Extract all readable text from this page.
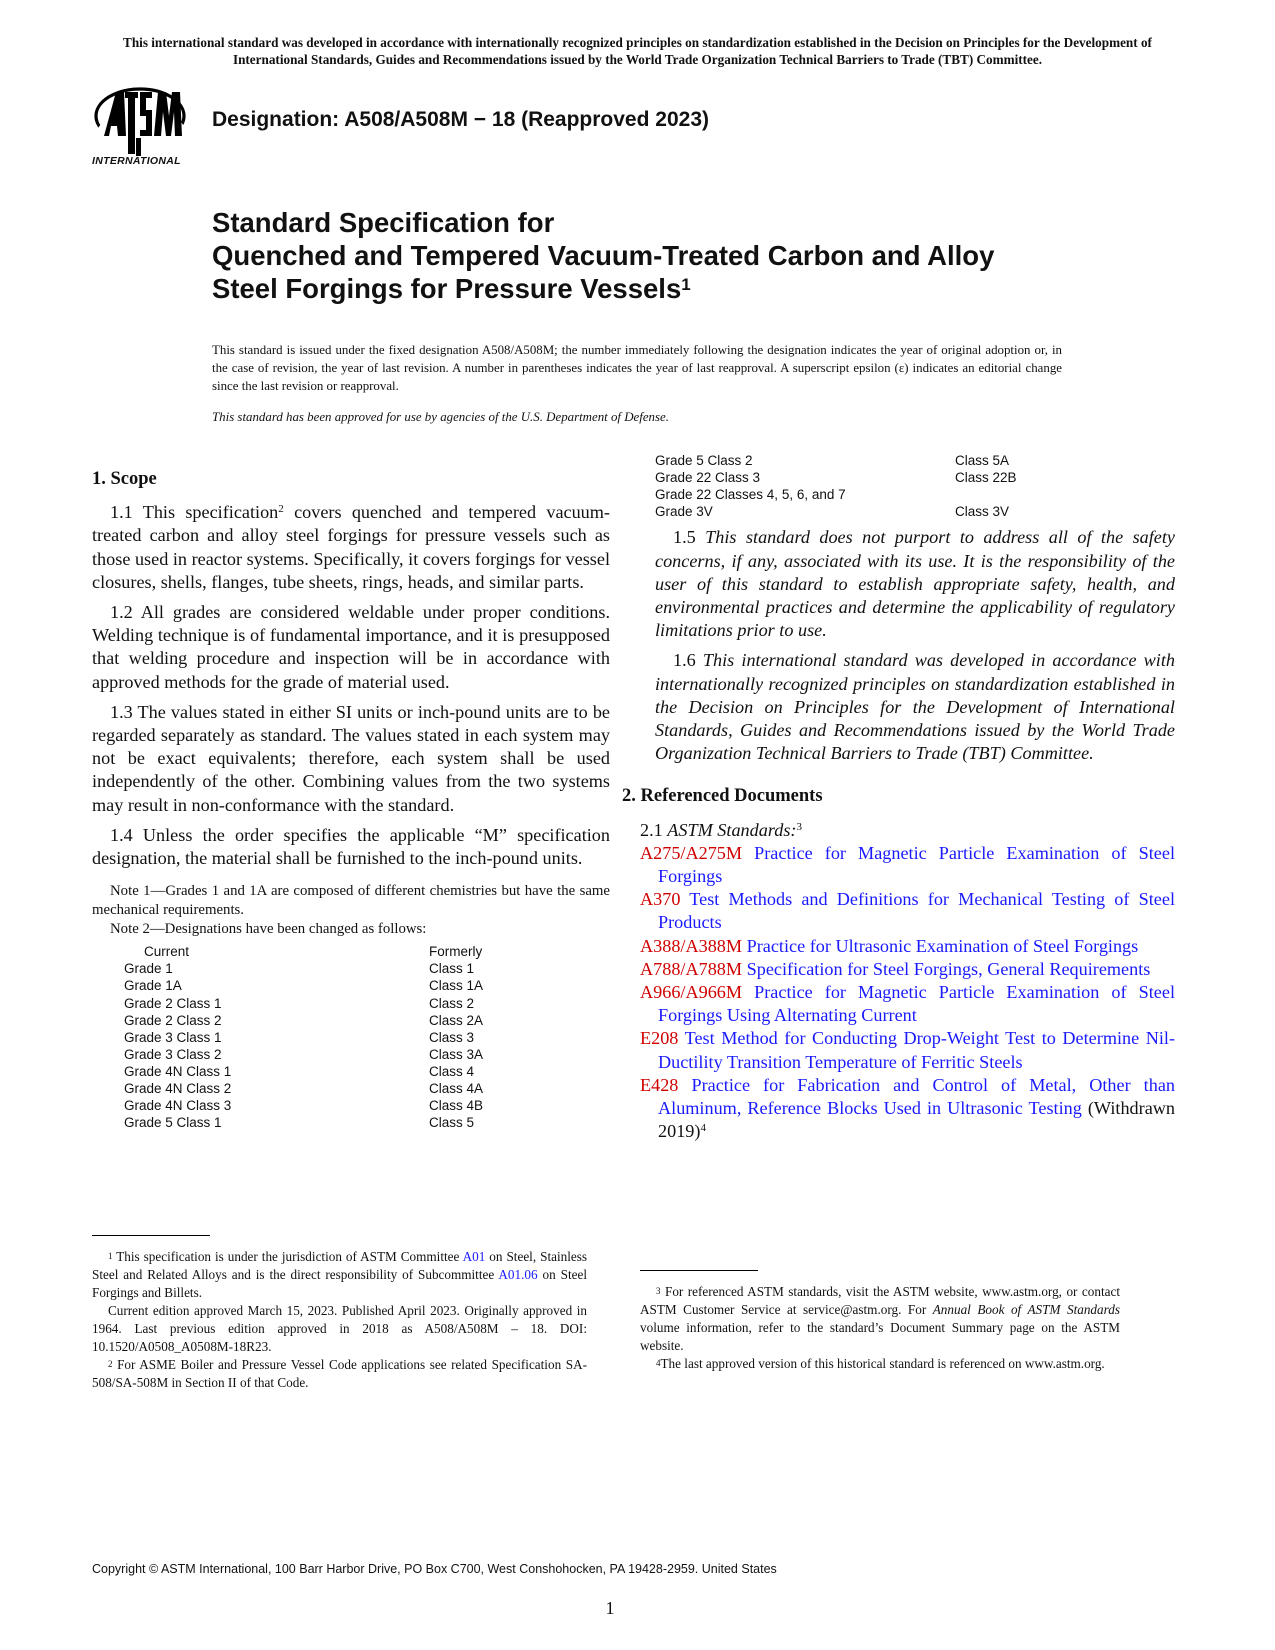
This international standard was developed in accordance with internationally recognized principles on standardization established in the Decision on Principles for the Development of International Standards, Guides and Recommendations issued by the World Trade Organization Technical Barriers to Trade (TBT) Committee.
INTERNATIONAL
Designation: A508/A508M − 18 (Reapproved 2023)
Standard Specification for
Quenched and Tempered Vacuum-Treated Carbon and Alloy
Steel Forgings for Pressure Vessels$^1$
This standard is issued under the fixed designation A508/A508M; the number immediately following the designation indicates the year of original adoption or, in the case of revision, the year of last revision. A number in parentheses indicates the year of last reapproval. A superscript epsilon (ε) indicates an editorial change since the last revision or reapproval.
This standard has been approved for use by agencies of the U.S. Department of Defense.
1. Scope

1.1 This specification$^2$ covers quenched and tempered vacuum-treated carbon and alloy steel forgings for pressure vessels such as those used in reactor systems. Specifically, it covers forgings for vessel closures, shells, flanges, tube sheets, rings, heads, and similar parts.

1.2 All grades are considered weldable under proper conditions. Welding technique is of fundamental importance, and it is presupposed that welding procedure and inspection will be in accordance with approved methods for the grade of material used.

1.3 The values stated in either SI units or inch-pound units are to be regarded separately as standard. The values stated in each system may not be exact equivalents; therefore, each system shall be used independently of the other. Combining values from the two systems may result in non-conformance with the standard.

1.4 Unless the order specifies the applicable “M” specification designation, the material shall be furnished to the inch-pound units.

Note 1—Grades 1 and 1A are composed of different chemistries but have the same mechanical requirements.

Note 2—Designations have been changed as follows:

Current	Formerly
Grade 1	Class 1
Grade 1A	Class 1A
Grade 2 Class 1	Class 2
Grade 2 Class 2	Class 2A
Grade 3 Class 1	Class 3
Grade 3 Class 2	Class 3A
Grade 4N Class 1	Class 4
Grade 4N Class 2	Class 4A
Grade 4N Class 3	Class 4B
Grade 5 Class 1	Class 5

$^1$ This specification is under the jurisdiction of ASTM Committee A01 on Steel, Stainless Steel and Related Alloys and is the direct responsibility of Subcommittee A01.06 on Steel Forgings and Billets.

Current edition approved March 15, 2023. Published April 2023. Originally approved in 1964. Last previous edition approved in 2018 as A508/A508M – 18. DOI: 10.1520/A0508_A0508M-18R23.

$^2$ For ASME Boiler and Pressure Vessel Code applications see related Specification SA-508/SA-508M in Section II of that Code.

Grade 5 Class 2	Class 5A
Grade 22 Class 3	Class 22B
Grade 22 Classes 4, 5, 6, and 7	
Grade 3V	Class 3V

1.5 This standard does not purport to address all of the safety concerns, if any, associated with its use. It is the responsibility of the user of this standard to establish appropriate safety, health, and environmental practices and determine the applicability of regulatory limitations prior to use.

1.6 This international standard was developed in accordance with internationally recognized principles on standardization established in the Decision on Principles for the Development of International Standards, Guides and Recommendations issued by the World Trade Organization Technical Barriers to Trade (TBT) Committee.

2. Referenced Documents

2.1 ASTM Standards:$^3$

A275/A275M Practice for Magnetic Particle Examination of Steel Forgings

A370 Test Methods and Definitions for Mechanical Testing of Steel Products

A388/A388M Practice for Ultrasonic Examination of Steel Forgings

A788/A788M Specification for Steel Forgings, General Requirements

A966/A966M Practice for Magnetic Particle Examination of Steel Forgings Using Alternating Current

E208 Test Method for Conducting Drop-Weight Test to Determine Nil-Ductility Transition Temperature of Ferritic Steels

E428 Practice for Fabrication and Control of Metal, Other than Aluminum, Reference Blocks Used in Ultrasonic Testing (Withdrawn 2019)$^4$

$^3$ For referenced ASTM standards, visit the ASTM website, www.astm.org, or contact ASTM Customer Service at service@astm.org. For Annual Book of ASTM Standards volume information, refer to the standard’s Document Summary page on the ASTM website.

$^4$The last approved version of this historical standard is referenced on www.astm.org.

Copyright © ASTM International, 100 Barr Harbor Drive, PO Box C700, West Conshohocken, PA 19428-2959. United States
1
